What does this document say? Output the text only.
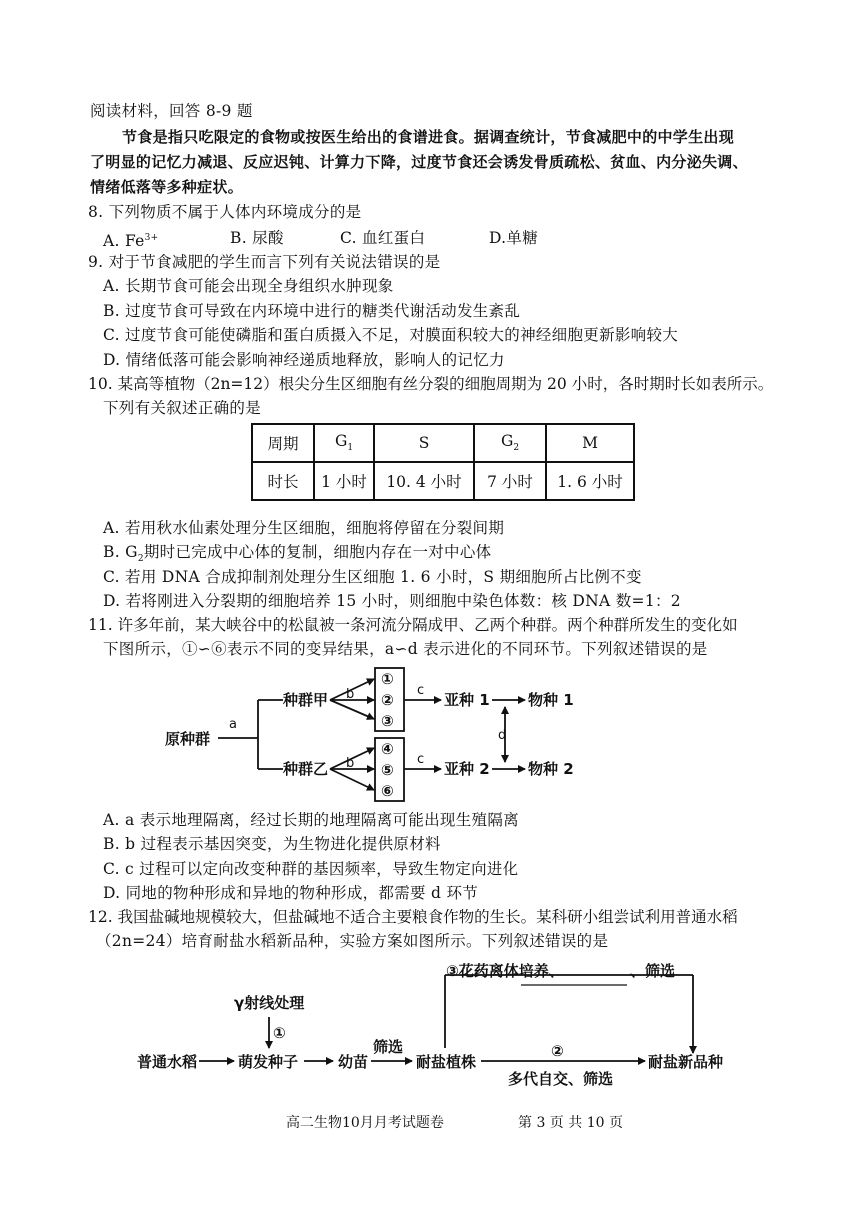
阅读材料，回答 8-9 题
节食是指只吃限定的食物或按医生给出的食谱进食。据调查统计，节食减肥中的中学生出现
了明显的记忆力减退、反应迟钝、计算力下降，过度节食还会诱发骨质疏松、贫血、内分泌失调、
情绪低落等多种症状。
8. 下列物质不属于人体内环境成分的是
A. $Fe^{3+}$	B. 尿酸	C. 血红蛋白	D.单糖
9. 对于节食减肥的学生而言下列有关说法错误的是
A. 长期节食可能会出现全身组织水肿现象
B. 过度节食可导致在内环境中进行的糖类代谢活动发生紊乱
C. 过度节食可能使磷脂和蛋白质摄入不足，对膜面积较大的神经细胞更新影响较大
D. 情绪低落可能会影响神经递质地释放，影响人的记忆力
10. 某高等植物（2n=12）根尖分生区细胞有丝分裂的细胞周期为 20 小时，各时期时长如表所示。
下列有关叙述正确的是
周期	$G_1$	S	$G_2$	M
时长	1 小时	10. 4 小时	7 小时	1. 6 小时
A. 若用秋水仙素处理分生区细胞，细胞将停留在分裂间期
B. $G_2$期时已完成中心体的复制，细胞内存在一对中心体
C. 若用 DNA 合成抑制剂处理分生区细胞 1. 6 小时，S 期细胞所占比例不变
D. 若将刚进入分裂期的细胞培养 15 小时，则细胞中染色体数：核 DNA 数=1：2
11. 许多年前，某大峡谷中的松鼠被一条河流分隔成甲、乙两个种群。两个种群所发生的变化如
下图所示，①∽⑥表示不同的变异结果，a∽d 表示进化的不同环节。下列叙述错误的是
原种群
a
种群甲
种群乙
b
b
①
②
③
④
⑤
⑥
c
c
亚种 1
亚种 2
d
物种 1
物种 2
③花药离体培养、	、筛选
γ射线处理
①
普通水稻	萌发种子	幼苗
筛选
耐盐植株
②
多代自交、筛选
耐盐新品种
A. a 表示地理隔离，经过长期的地理隔离可能出现生殖隔离
B. b 过程表示基因突变，为生物进化提供原材料
C. c 过程可以定向改变种群的基因频率，导致生物定向进化
D. 同地的物种形成和异地的物种形成，都需要 d 环节
12. 我国盐碱地规模较大，但盐碱地不适合主要粮食作物的生长。某科研小组尝试利用普通水稻
（2n=24）培育耐盐水稻新品种，实验方案如图所示。下列叙述错误的是
高二生物10月月考试题卷	第 3 页 共 10 页
